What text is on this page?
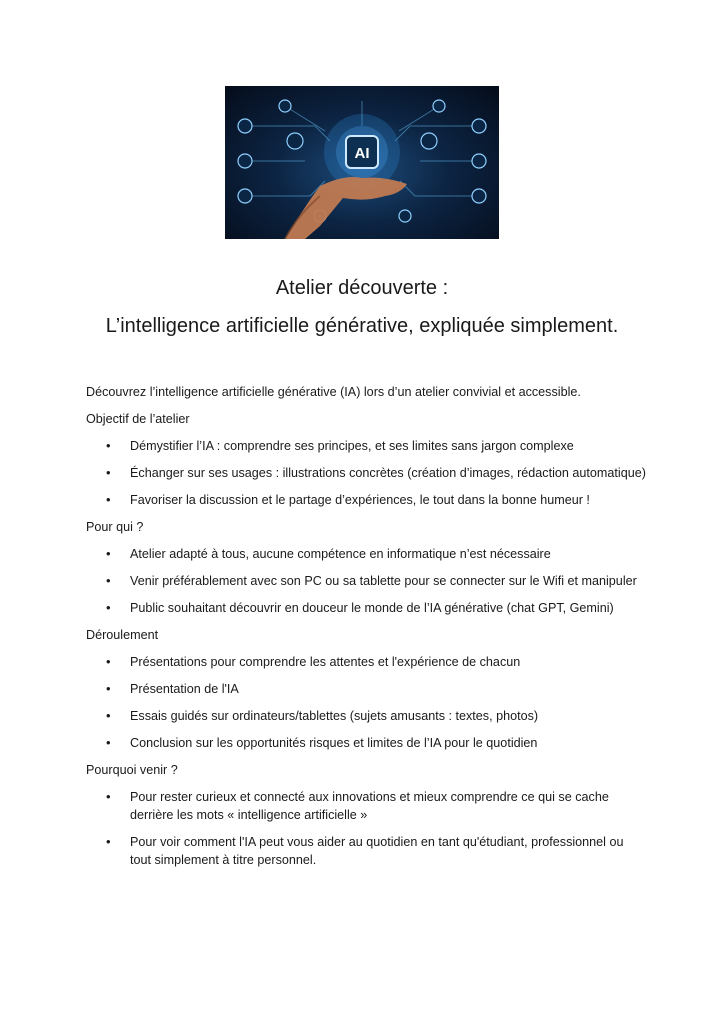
AI
Atelier découverte :
L’intelligence artificielle générative, expliquée simplement.

Découvrez l’intelligence artificielle générative (IA) lors d’un atelier convivial et accessible.

Objectif de l’atelier

• Démystifier l’IA : comprendre ses principes, et ses limites sans jargon complexe
• Échanger sur ses usages : illustrations concrètes (création d’images, rédaction automatique)
• Favoriser la discussion et le partage d’expériences, le tout dans la bonne humeur !

Pour qui ?

• Atelier adapté à tous, aucune compétence en informatique n’est nécessaire
• Venir préférablement avec son PC ou sa tablette pour se connecter sur le Wifi et manipuler
• Public souhaitant découvrir en douceur le monde de l’IA générative (chat GPT, Gemini)

Déroulement

• Présentations pour comprendre les attentes et l'expérience de chacun
• Présentation de l'IA
• Essais guidés sur ordinateurs/tablettes (sujets amusants : textes, photos)
• Conclusion sur les opportunités risques et limites de l’IA pour le quotidien

Pourquoi venir ?

• Pour rester curieux et connecté aux innovations et mieux comprendre ce qui se cache derrière les mots « intelligence artificielle »
• Pour voir comment l'IA peut vous aider au quotidien en tant qu'étudiant, professionnel ou tout simplement à titre personnel.
